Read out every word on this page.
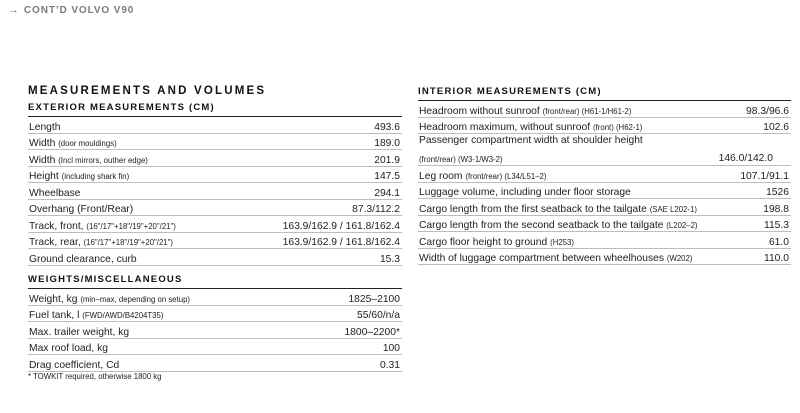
→ CONT’D VOLVO V90
MEASUREMENTS AND VOLUMES
EXTERIOR MEASUREMENTS (CM)
Length	493.6
Width (door mouldings)	189.0
Width (Incl mirrors, outher edge)	201.9
Height (including shark fin)	147.5
Wheelbase	294.1
Overhang (Front/Rear)	87.3/112.2
Track, front, (16"/17"+18"/19"+20"/21")	163.9/162.9 / 161.8/162.4
Track, rear, (16"/17"+18"/19"+20"/21")	163.9/162.9 / 161.8/162.4
Ground clearance, curb	15.3
WEIGHTS/MISCELLANEOUS
Weight, kg (min–max, depending on setup)	1825–2100
Fuel tank, l (FWD/AWD/B4204T35)	55/60/n/a
Max. trailer weight, kg	1800–2200*
Max roof load, kg	100
Drag coefficient, Cd	0.31
* TOWKIT required, otherwise 1800 kg
INTERIOR MEASUREMENTS (CM)
Headroom without sunroof (front/rear) (H61-1/H61-2)	98.3/96.6
Headroom maximum, without sunroof (front) (H62-1)	102.6
Passenger compartment width at shoulder height
(front/rear) (W3-1/W3-2)	146.0/142.0
Leg room (front/rear) (L34/L51–2)	107.1/91.1
Luggage volume, including under floor storage	1526
Cargo length from the first seatback to the tailgate (SAE L202-1)	198.8
Cargo length from the second seatback to the tailgate (L202–2)	115.3
Cargo floor height to ground (H253)	61.0
Width of luggage compartment between wheelhouses (W202)	110.0
